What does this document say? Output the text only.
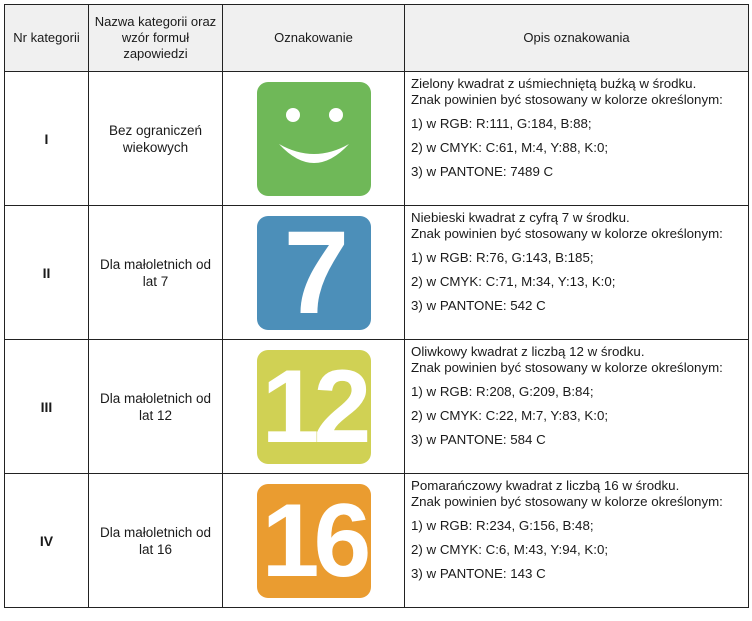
Nr kategorii	Nazwa kategorii oraz wzór formuł zapowiedzi	Oznakowanie	Opis oznakowania
I	Bez ograniczeń wiekowych		Zielony kwadrat z uśmiechniętą buźką w środku.

Znak powinien być stosowany w kolorze określonym:

1) w RGB: R:111, G:184, B:88;

2) w CMYK: C:61, M:4, Y:88, K:0;

3) w PANTONE: 7489 C

II	Dla małoletnich od lat 7	7	Niebieski kwadrat z cyfrą 7 w środku.

Znak powinien być stosowany w kolorze określonym:

1) w RGB: R:76, G:143, B:185;

2) w CMYK: C:71, M:34, Y:13, K:0;

3) w PANTONE: 542 C

III	Dla małoletnich od lat 12	12	Oliwkowy kwadrat z liczbą 12 w środku.

Znak powinien być stosowany w kolorze określonym:

1) w RGB: R:208, G:209, B:84;

2) w CMYK: C:22, M:7, Y:83, K:0;

3) w PANTONE: 584 C

IV	Dla małoletnich od lat 16	16	Pomarańczowy kwadrat z liczbą 16 w środku.

Znak powinien być stosowany w kolorze określonym:

1) w RGB: R:234, G:156, B:48;

2) w CMYK: C:6, M:43, Y:94, K:0;

3) w PANTONE: 143 C
